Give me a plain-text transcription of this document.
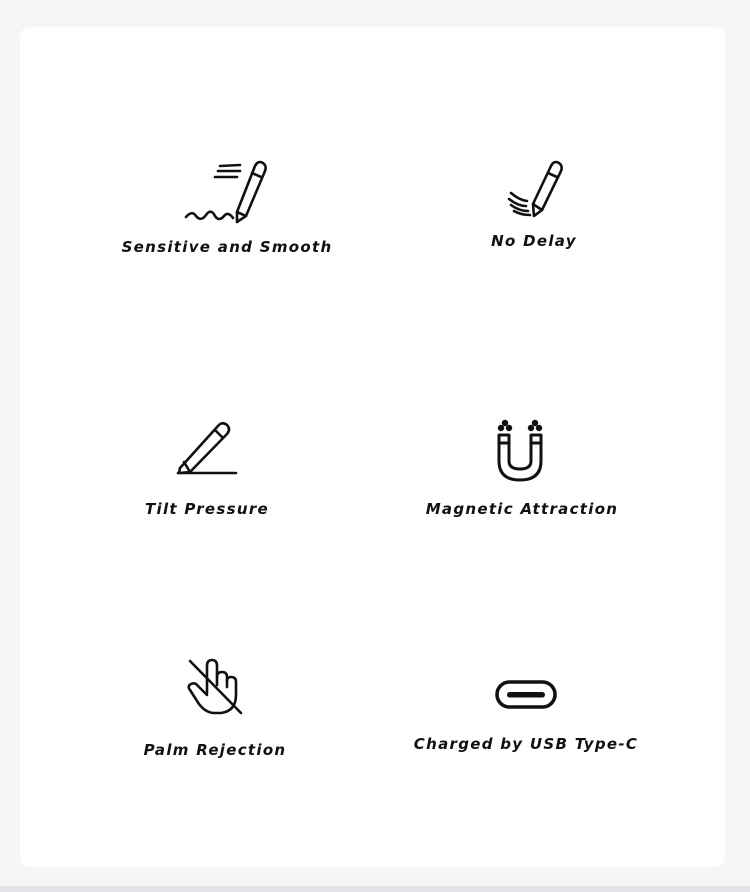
Sensitive and Smooth	No Delay
Tilt Pressure	Magnetic Attraction
Palm Rejection	Charged by USB Type-C
